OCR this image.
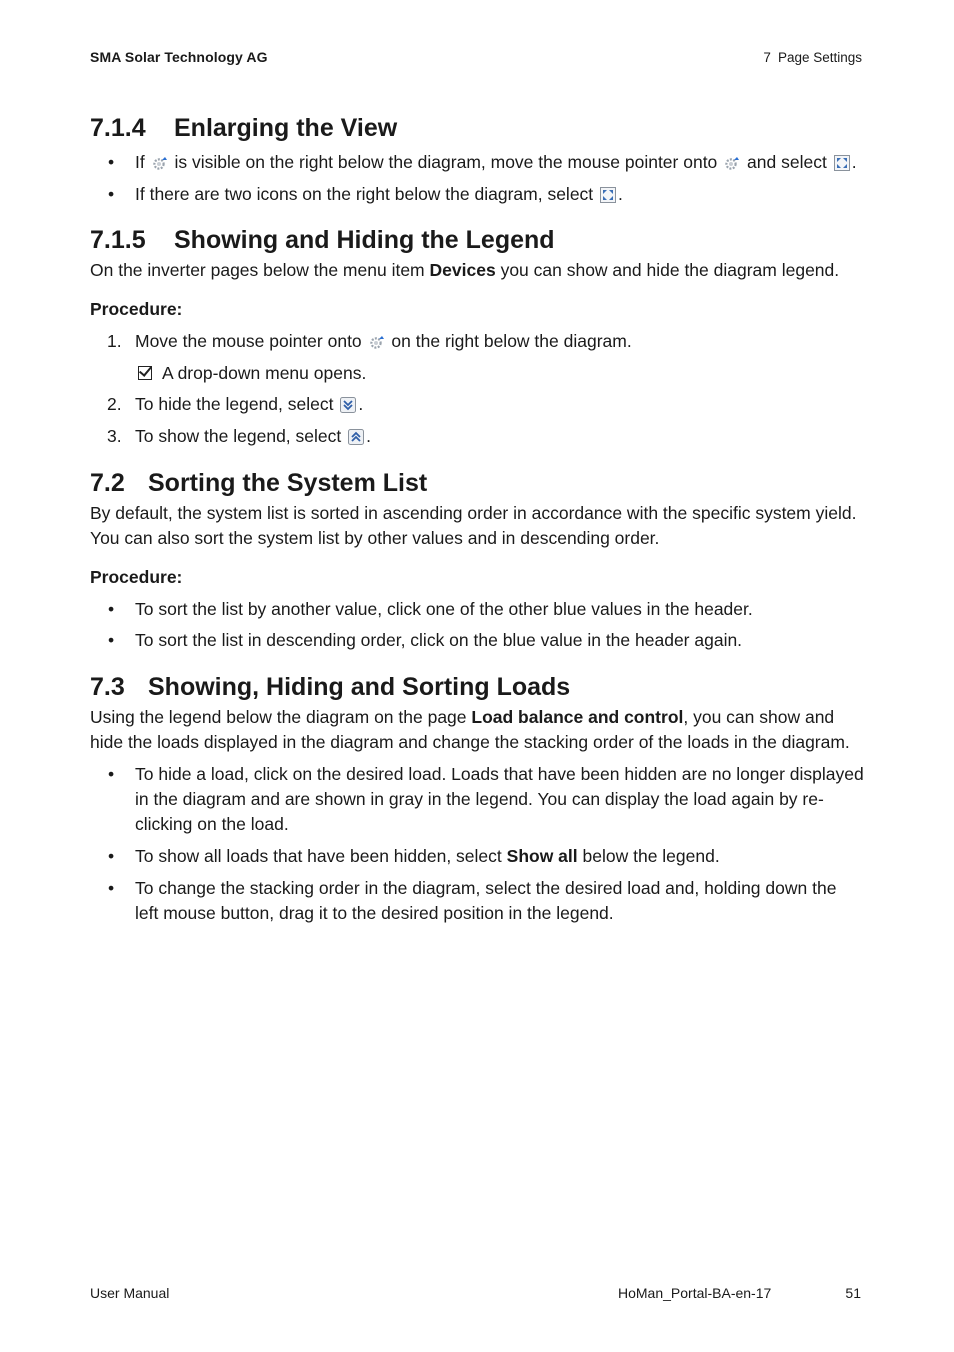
SMA Solar Technology AG	7 Page Settings
7.1.4	Enlarging the View
• If is visible on the right below the diagram, move the mouse pointer onto and select .
• If there are two icons on the right below the diagram, select .
7.1.5	Showing and Hiding the Legend

On the inverter pages below the menu item Devices you can show and hide the diagram legend.

Procedure:
1. Move the mouse pointer onto on the right below the diagram.
A drop-down menu opens.
2. To hide the legend, select .
3. To show the legend, select .
7.2 Sorting the System List

By default, the system list is sorted in ascending order in accordance with the specific system yield. You can also sort the system list by other values and in descending order.

Procedure:
• To sort the list by another value, click one of the other blue values in the header.
• To sort the list in descending order, click on the blue value in the header again.
7.3 Showing, Hiding and Sorting Loads

Using the legend below the diagram on the page Load balance and control, you can show and hide the loads displayed in the diagram and change the stacking order of the loads in the diagram.

• To hide a load, click on the desired load. Loads that have been hidden are no longer displayed in the diagram and are shown in gray in the legend. You can display the load again by re-clicking on the load.
• To show all loads that have been hidden, select Show all below the legend.
• To change the stacking order in the diagram, select the desired load and, holding down the left mouse button, drag it to the desired position in the legend.
User Manual	HoMan_Portal-BA-en-17	51
